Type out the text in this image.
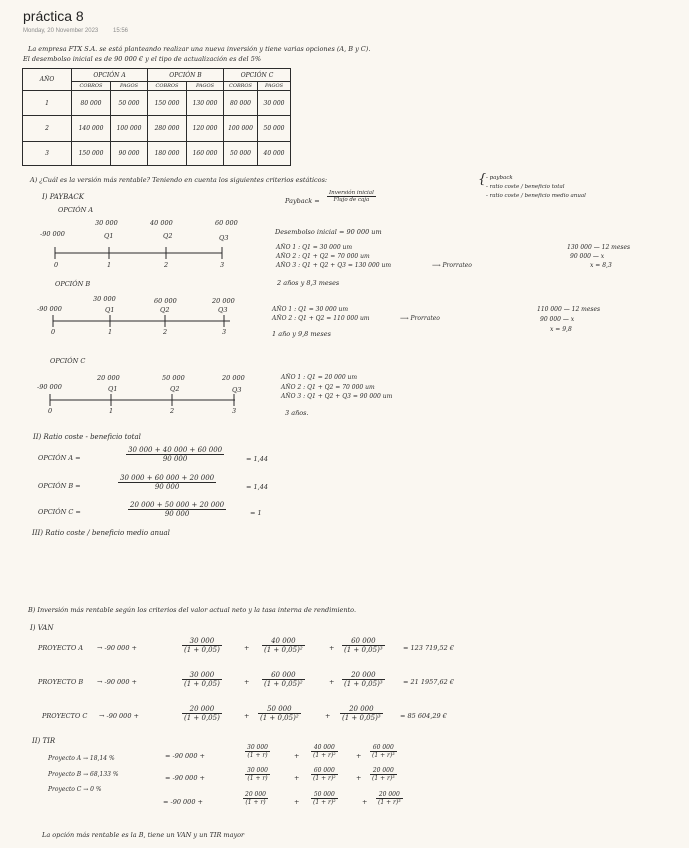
práctica 8
Monday, 20 November 2023 15:56
La empresa FTX S.A. se está planteando realizar una nueva inversión y tiene varias opciones (A, B y C).
El desembolso inicial es de 90 000 € y el tipo de actualización es del 5%
AÑO	OPCIÓN A		OPCIÓN B		OPCIÓN C	
	COBROS	PAGOS	COBROS	PAGOS	COBROS	PAGOS
1	80 000	50 000	150 000	130 000	80 000	30 000
2	140 000	100 000	280 000	120 000	100 000	50 000
3	150 000	90 000	180 000	160 000	50 000	40 000
A) ¿Cuál es la versión más rentable? Teniendo en cuenta los siguientes criterios estáticos:	{ - payback
- ratio coste / beneficio total
- ratio coste / beneficio medio anual
I) PAYBACK	Payback =
Inversión inicial
Flujo de caja
OPCIÓN A
-90 000
30 000	40 000	60 000
Q1	Q2	Q3
0	1	2	3
Desembolso inicial = 90 000 um
AÑO 1 : Q1 = 30 000 um
AÑO 2 : Q1 + Q2 = 70 000 um
AÑO 3 : Q1 + Q2 + Q3 = 130 000 um	⟶ Prorrateo
2 años y 8,3 meses
130 000 — 12 meses
90 000 — x
x = 8,3
OPCIÓN B
30 000	60 000	20 000
-90 000	Q1	Q2	Q3
0	1	2	3
AÑO 1 : Q1 = 30 000 um
AÑO 2 : Q1 + Q2 = 110 000 um	⟶ Prorrateo
1 año y 9,8 meses
110 000 — 12 meses
90 000 — x
x = 9,8
OPCIÓN C
20 000	50 000	20 000
-90 000	Q1	Q2	Q3
0	1	2	3
AÑO 1 : Q1 = 20 000 um
AÑO 2 : Q1 + Q2 = 70 000 um
AÑO 3 : Q1 + Q2 + Q3 = 90 000 um
3 años.
II) Ratio coste - beneficio total
OPCIÓN A =
30 000 + 40 000 + 60 000
90 000	= 1,44
OPCIÓN B =
30 000 + 60 000 + 20 000
90 000	= 1,44
OPCIÓN C =
20 000 + 50 000 + 20 000
90 000	= 1
III) Ratio coste / beneficio medio anual
B) Inversión más rentable según los criterios del valor actual neto y la tasa interna de rendimiento.
I) VAN
PROYECTO A → -90 000 +
30 000
(1 + 0,05)	+
40 000
(1 + 0,05)²	+
60 000
(1 + 0,05)³	= 123 719,52 €
PROYECTO B → -90 000 +
30 000
(1 + 0,05)	+
60 000
(1 + 0,05)²	+
20 000
(1 + 0,05)³	= 21 1957,62 €
PROYECTO C → -90 000 +
20 000
(1 + 0,05)	+
50 000
(1 + 0,05)²	+
20 000
(1 + 0,05)³	= 85 604,29 €
II) TIR
Proyecto A → 18,14 %	= -90 000 +
30 000
(1 + r)	+
40 000
(1 + r)²	+
60 000
(1 + r)³
Proyecto B → 68,133 %	= -90 000 +
30 000
(1 + r)	+
60 000
(1 + r)²	+
20 000
(1 + r)³
Proyecto C → 0 %
= -90 000 +
20 000
(1 + r)	+
50 000
(1 + r)²	+
20 000
(1 + r)³
La opción más rentable es la B, tiene un VAN y un TIR mayor
